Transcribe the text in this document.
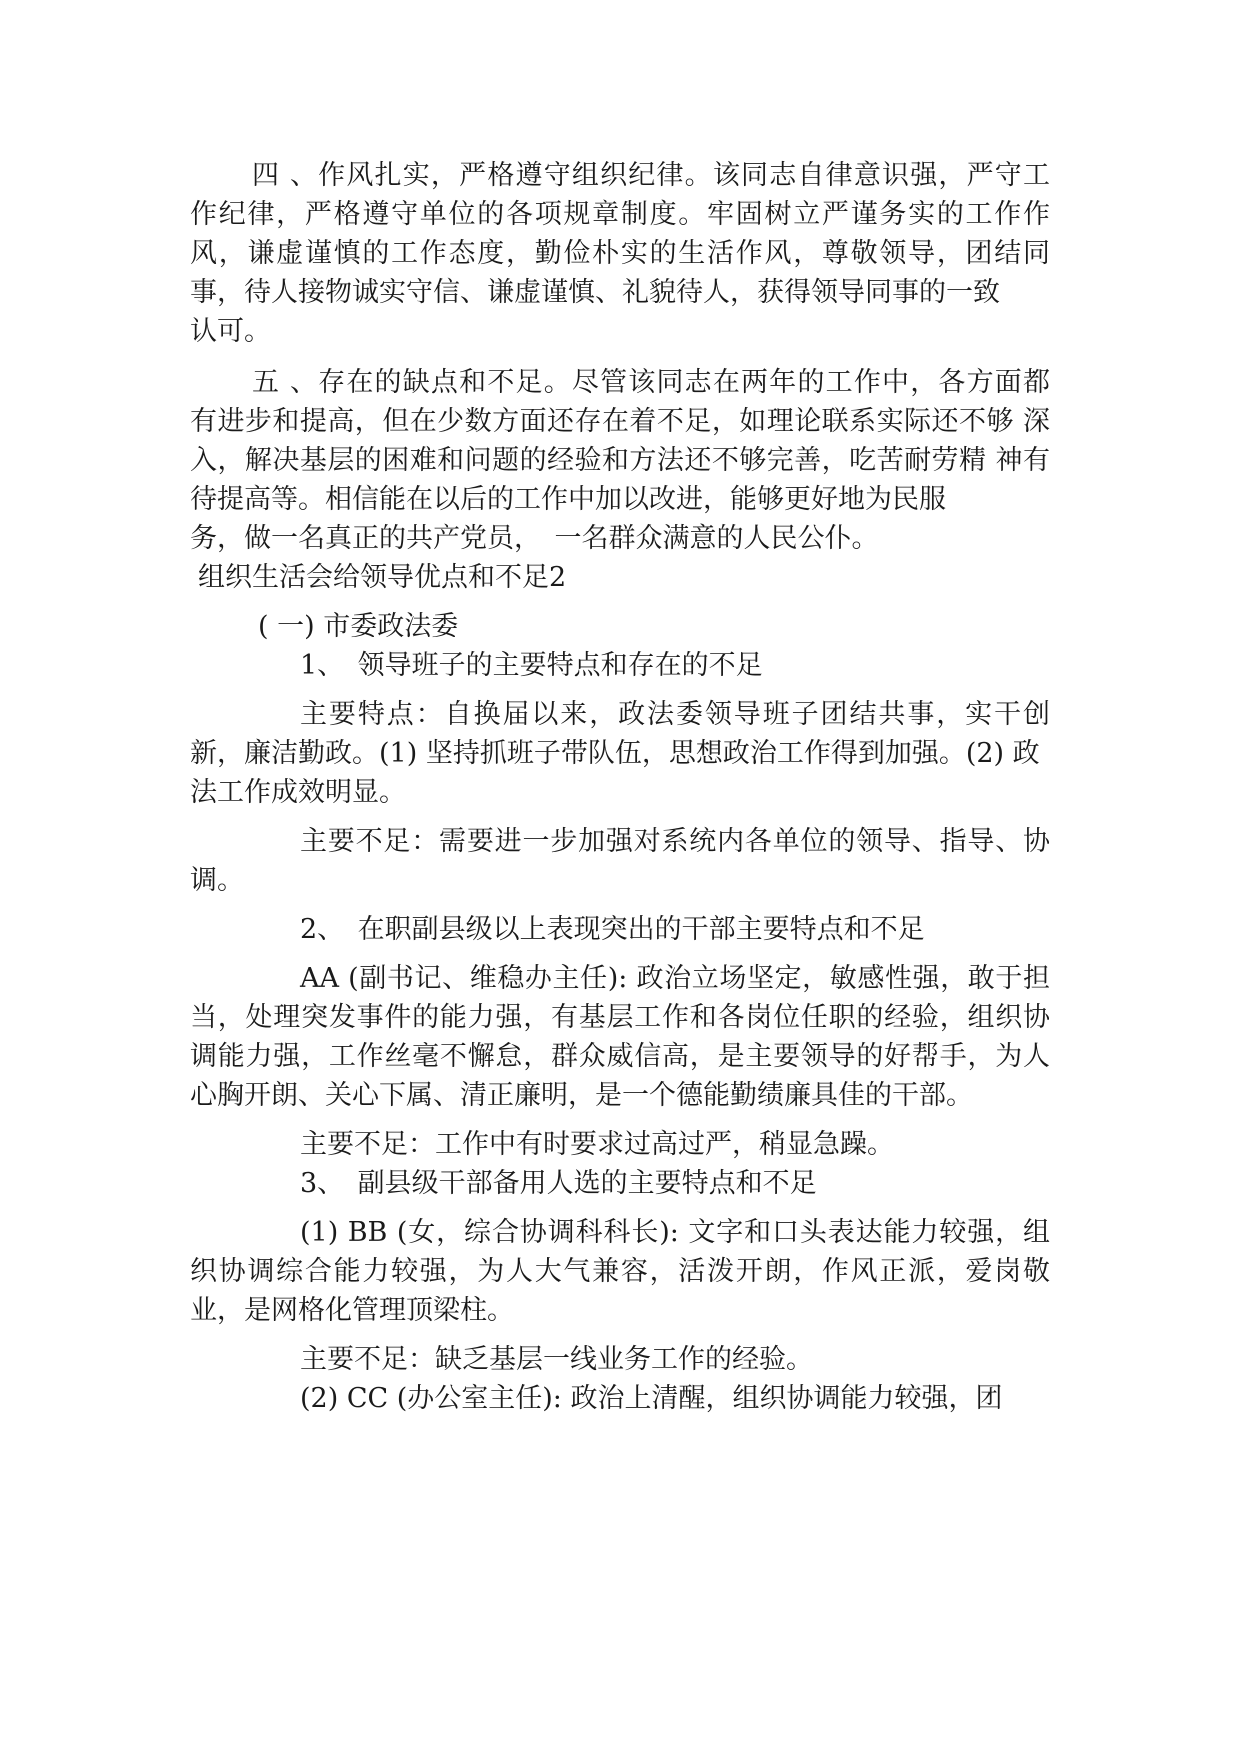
四 、作风扎实，严格遵守组织纪律。该同志自律意识强，严守工 作纪律，严格遵守单位的各项规章制度。牢固树立严谨务实的工作作 风，谦虚谨慎的工作态度，勤俭朴实的生活作风，尊敬领导，团结同 事，待人接物诚实守信、谦虚谨慎、礼貌待人，获得领导同事的一致

认可。

五 、存在的缺点和不足。尽管该同志在两年的工作中，各方面都 有进步和提高，但在少数方面还存在着不足，如理论联系实际还不够 深入，解决基层的困难和问题的经验和方法还不够完善，吃苦耐劳精 神有待提高等。相信能在以后的工作中加以改进，能够更好地为民服

务，做一名真正的共产党员，　一名群众满意的人民公仆。

组织生活会给领导优点和不足2

( 一) 市委政法委

1、　领导班子的主要特点和存在的不足

主要特点：自换届以来，政法委领导班子团结共事，实干创新，廉洁勤政。(1) 坚持抓班子带队伍，思想政治工作得到加强。(2) 政

法工作成效明显。

主要不足：需要进一步加强对系统内各单位的领导、指导、协调。

2、　在职副县级以上表现突出的干部主要特点和不足

AA (副书记、维稳办主任): 政治立场坚定，敏感性强，敢于担当，处理突发事件的能力强，有基层工作和各岗位任职的经验，组织协调能力强，工作丝毫不懈怠，群众威信高，是主要领导的好帮手，为人心胸开朗、关心下属、清正廉明，是一个德能勤绩廉具佳的干部。

主要不足：工作中有时要求过高过严，稍显急躁。

3、　副县级干部备用人选的主要特点和不足

(1) BB (女，综合协调科科长): 文字和口头表达能力较强，组织协调综合能力较强，为人大气兼容，活泼开朗，作风正派，爱岗敬业，是网格化管理顶梁柱。

主要不足：缺乏基层一线业务工作的经验。

(2) CC (办公室主任): 政治上清醒，组织协调能力较强，团
